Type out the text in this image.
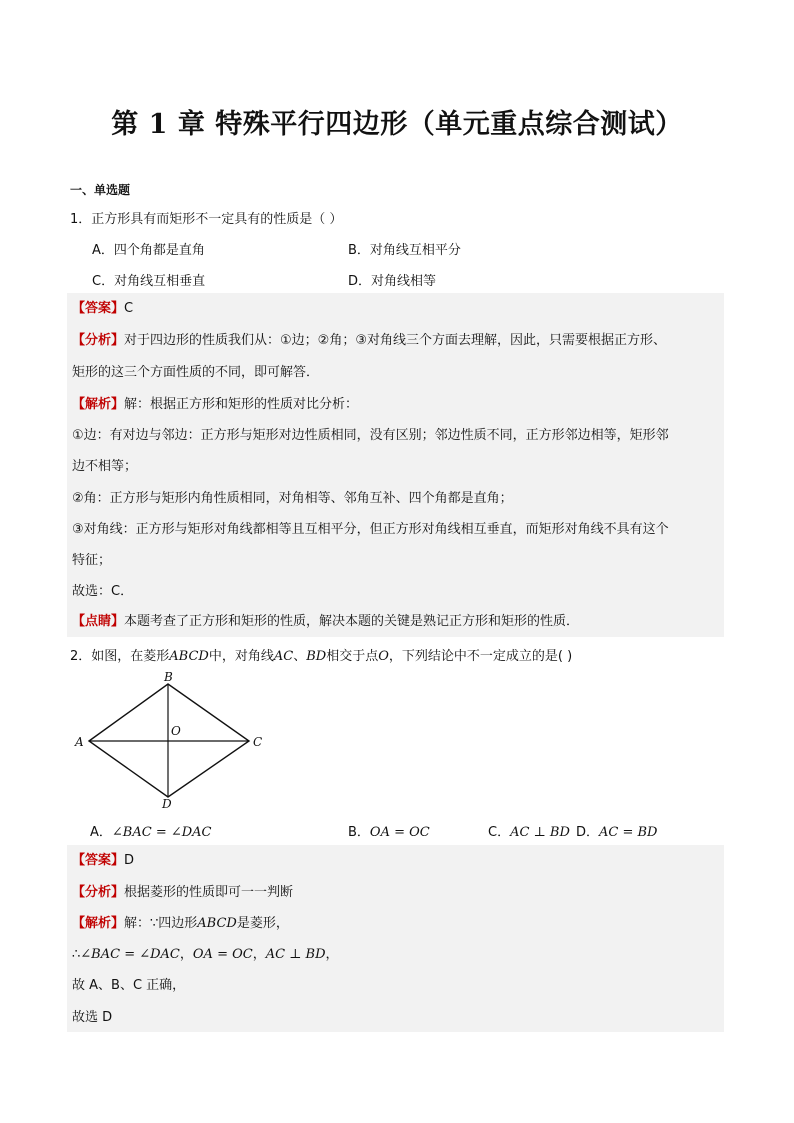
第 1 章 特殊平行四边形（单元重点综合测试）
一、单选题
1．正方形具有而矩形不一定具有的性质是（ ）
A．四个角都是直角	B．对角线互相平分
C．对角线互相垂直	D．对角线相等
【答案】C
【分析】对于四边形的性质我们从：①边；②角；③对角线三个方面去理解，因此，只需要根据正方形、
矩形的这三个方面性质的不同，即可解答．
【解析】解：根据正方形和矩形的性质对比分析：
①边：有对边与邻边：正方形与矩形对边性质相同，没有区别；邻边性质不同，正方形邻边相等，矩形邻
边不相等；
②角：正方形与矩形内角性质相同，对角相等、邻角互补、四个角都是直角；
③对角线：正方形与矩形对角线都相等且互相平分，但正方形对角线相互垂直，而矩形对角线不具有这个
特征；
故选：C．
【点睛】本题考查了正方形和矩形的性质，解决本题的关键是熟记正方形和矩形的性质．
2．如图，在菱形ABCD中，对角线AC、BD相交于点O，下列结论中不一定成立的是( )
A
B
C
D
O
A．∠BAC = ∠DAC	B．OA = OC	C．AC ⊥ BD D．AC = BD
【答案】D
【分析】根据菱形的性质即可一一判断
【解析】解：∵四边形ABCD是菱形，
∴∠BAC = ∠DAC，OA = OC，AC ⊥ BD，
故 A、B、C 正确，
故选 D
